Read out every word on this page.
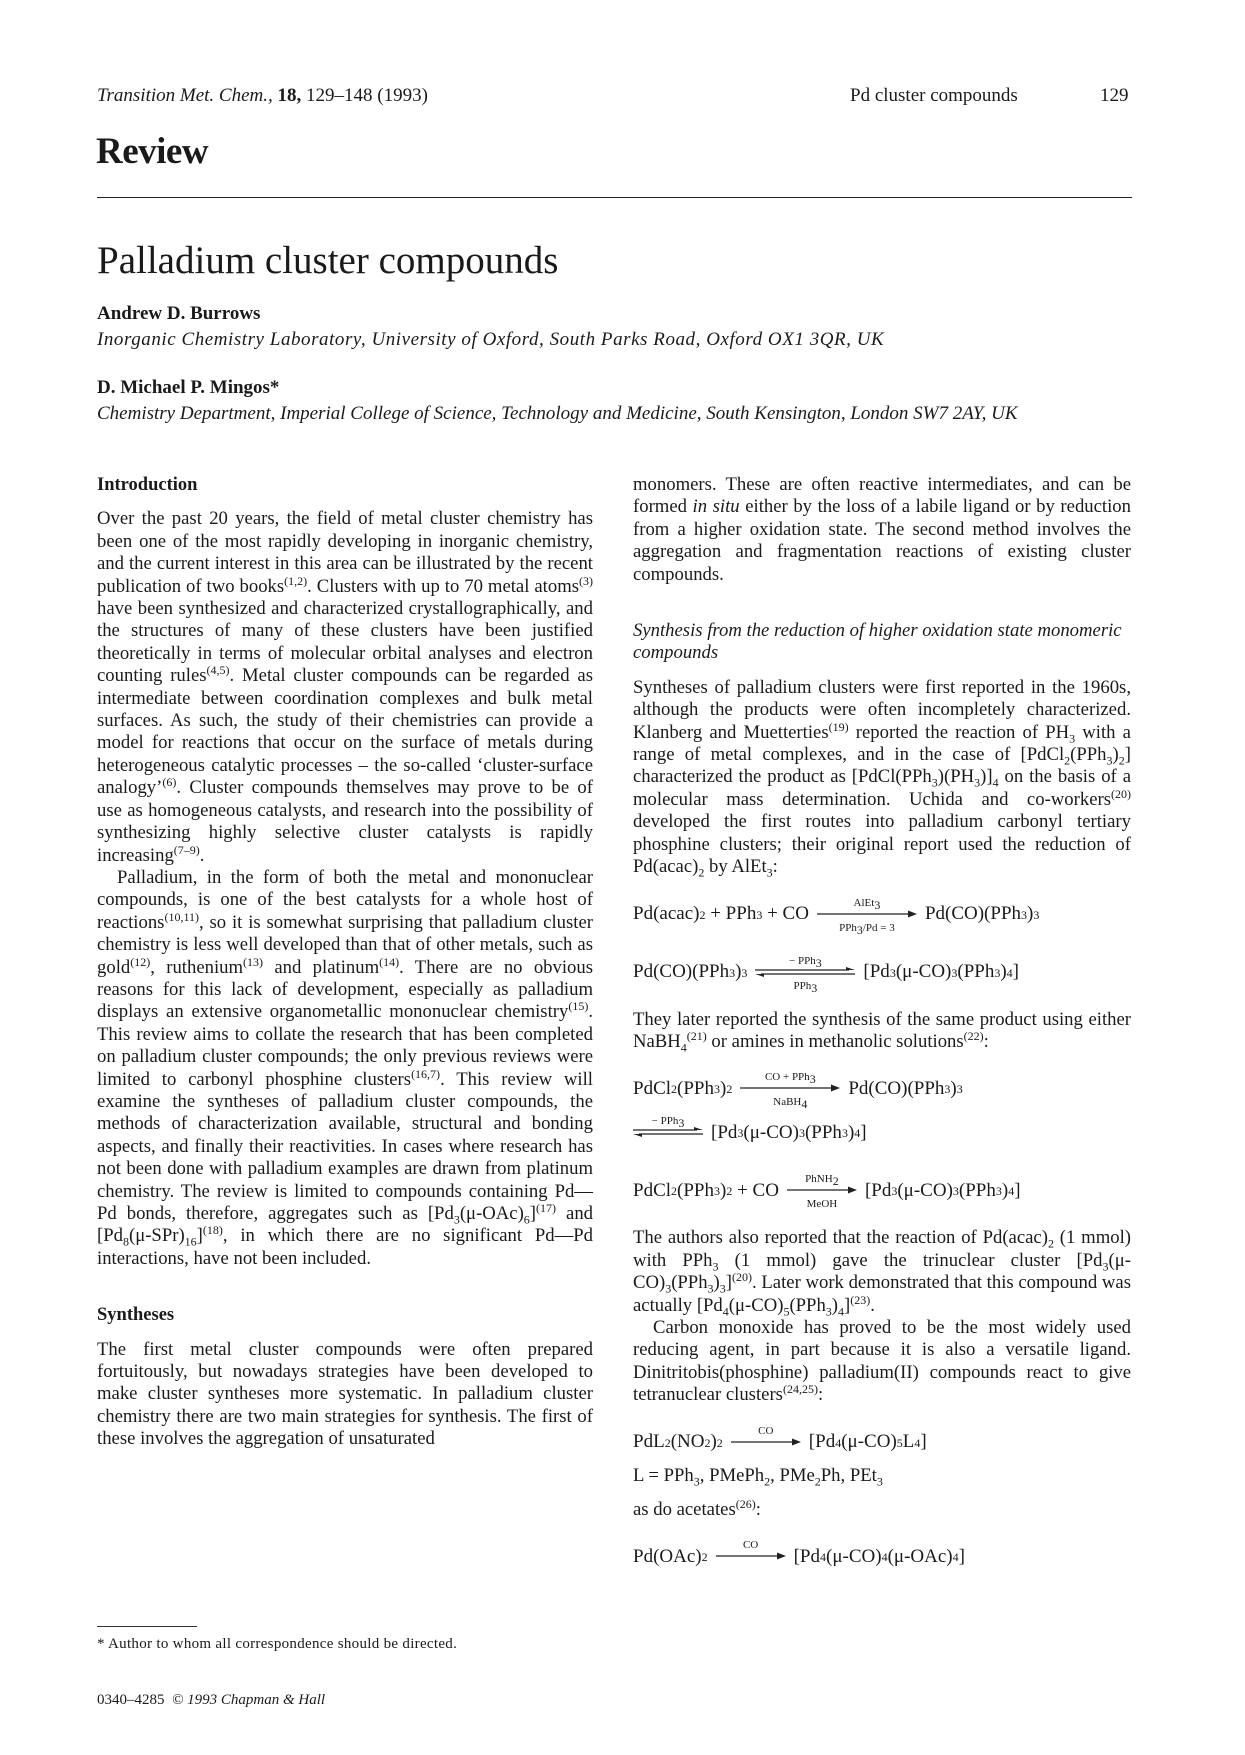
Transition Met. Chem., 18, 129–148 (1993)	Pd cluster compounds	129
Review
Palladium cluster compounds
Andrew D. Burrows
Inorganic Chemistry Laboratory, University of Oxford, South Parks Road, Oxford OX1 3QR, UK
D. Michael P. Mingos*
Chemistry Department, Imperial College of Science, Technology and Medicine, South Kensington, London SW7 2AY, UK
Introduction

Over the past 20 years, the field of metal cluster chemistry has been one of the most rapidly developing in inorganic chemistry, and the current interest in this area can be illustrated by the recent publication of two books$^{(1,2)}$. Clusters with up to 70 metal atoms$^{(3)}$ have been synthesized and characterized crystallographically, and the structures of many of these clusters have been justified theoretically in terms of molecular orbital analyses and electron counting rules$^{(4,5)}$. Metal cluster compounds can be regarded as intermediate between coordination complexes and bulk metal surfaces. As such, the study of their chemistries can provide a model for reactions that occur on the surface of metals during heterogeneous catalytic processes – the so-called ‘cluster-surface analogy’$^{(6)}$. Cluster compounds themselves may prove to be of use as homogeneous catalysts, and research into the possibility of synthesizing highly selective cluster catalysts is rapidly increasing$^{(7-9)}$.

Palladium, in the form of both the metal and mononuclear compounds, is one of the best catalysts for a whole host of reactions$^{(10,11)}$, so it is somewhat surprising that palladium cluster chemistry is less well developed than that of other metals, such as gold$^{(12)}$, ruthenium$^{(13)}$ and platinum$^{(14)}$. There are no obvious reasons for this lack of development, especially as palladium displays an extensive organometallic mononuclear chemistry$^{(15)}$. This review aims to collate the research that has been completed on palladium cluster compounds; the only previous reviews were limited to carbonyl phosphine clusters$^{(16,7)}$. This review will examine the syntheses of palladium cluster compounds, the methods of characterization available, structural and bonding aspects, and finally their reactivities. In cases where research has not been done with palladium examples are drawn from platinum chemistry. The review is limited to compounds containing Pd—Pd bonds, therefore, aggregates such as $[Pd_3(\mu-OAc)_6]^{(17)}$ and $[Pd_8(\mu-SPr)_{16}]^{(18)}$, in which there are no significant Pd—Pd interactions, have not been included.

Syntheses

The first metal cluster compounds were often prepared fortuitously, but nowadays strategies have been developed to make cluster syntheses more systematic. In palladium cluster chemistry there are two main strategies for synthesis. The first of these involves the aggregation of unsaturated

monomers. These are often reactive intermediates, and can be formed in situ either by the loss of a labile ligand or by reduction from a higher oxidation state. The second method involves the aggregation and fragmentation reactions of existing cluster compounds.

Synthesis from the reduction of higher oxidation state monomeric compounds

Syntheses of palladium clusters were first reported in the 1960s, although the products were often incompletely characterized. Klanberg and Muetterties$^{(19)}$ reported the reaction of $PH_3$ with a range of metal complexes, and in the case of $[PdCl_2(PPh_3)_2]$ characterized the product as $[PdCl(PPh_3)(PH_3)]_4$ on the basis of a molecular mass determination. Uchida and co-workers$^{(20)}$ developed the first routes into palladium carbonyl tertiary phosphine clusters; their original report used the reduction of $Pd(acac)_2$ by AlEt$_3$:

Pd(acac) 2 + PPh 3 + CO
AlEt$_3$
PPh$_3$/Pd = 3
Pd(CO)(PPh 3 ) 3
Pd(CO)(PPh 3 ) 3
− PPh$_3$
PPh$_3$
[Pd 3 (μ-CO) 3 (PPh 3 ) 4 ]

They later reported the synthesis of the same product using either NaBH$_4^{(21)}$ or amines in methanolic solutions$^{(22)}$:

PdCl 2 (PPh 3 ) 2
CO + PPh$_3$
NaBH$_4$
Pd(CO)(PPh 3 ) 3
− PPh$_3$	[Pd 3 (μ-CO) 3 (PPh 3 ) 4 ]
PdCl 2 (PPh 3 ) 2 + CO
PhNH$_2$
MeOH
[Pd 3 (μ-CO) 3 (PPh 3 ) 4 ]

The authors also reported that the reaction of $Pd(acac)_2$ (1 mmol) with PPh$_3$ (1 mmol) gave the trinuclear cluster $[Pd_3(\mu-CO)_3(PPh_3)_3]^{(20)}$. Later work demonstrated that this compound was actually $[Pd_4(\mu-CO)_5(PPh_3)_4]^{(23)}$.

Carbon monoxide has proved to be the most widely used reducing agent, in part because it is also a versatile ligand. Dinitritobis(phosphine) palladium(II) compounds react to give tetranuclear clusters$^{(24,25)}$:

PdL 2 (NO 2 ) 2
CO
[Pd 4 (μ-CO) 5 L 4 ]
L = PPh$_3$, PMePh$_2$, PMe$_2$Ph, PEt$_3$
as do acetates$^{(26)}$:
Pd(OAc) 2
CO
[Pd 4 (μ-CO) 4 (μ-OAc) 4 ]
* Author to whom all correspondence should be directed.
0340–4285 © 1993 Chapman & Hall
